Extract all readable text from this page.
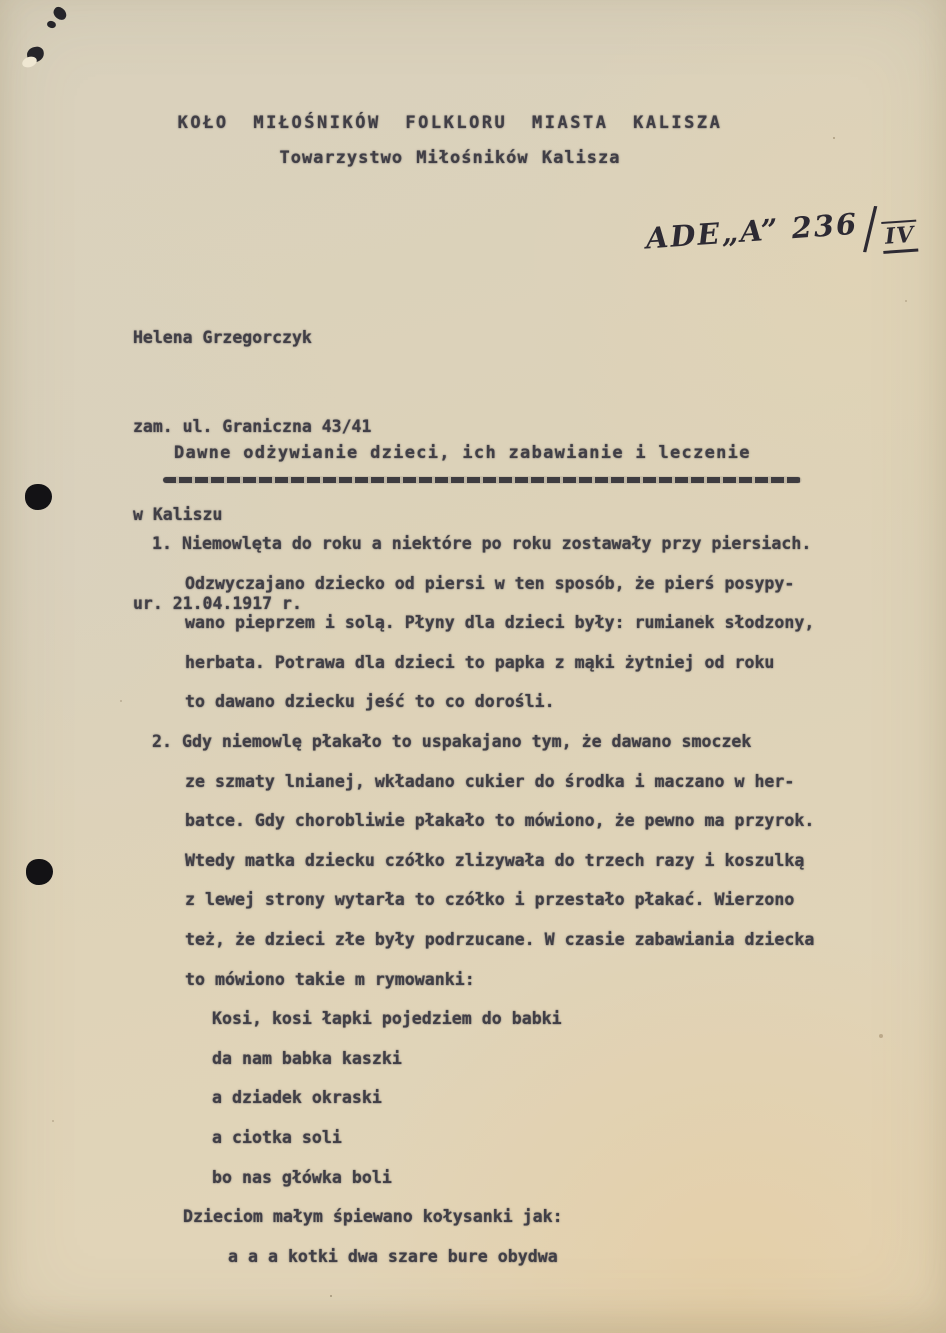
KOŁO MIŁOŚNIKÓW FOLKLORU MIASTA KALISZA
Towarzystwo Miłośników Kalisza
ADE„A” 236 / IV

Helena Grzegorczyk

zam. ul. Graniczna 43/41

w Kaliszu

ur. 21.04.1917 r.

Dawne odżywianie dzieci, ich zabawianie i leczenie
1. Niemowlęta do roku a niektóre po roku zostawały przy piersiach.
Odzwyczajano dziecko od piersi w ten sposób, że pierś posypy-
wano pieprzem i solą. Płyny dla dzieci były: rumianek słodzony,
herbata. Potrawa dla dzieci to papka z mąki żytniej od roku
to dawano dziecku jeść to co dorośli.
2. Gdy niemowlę płakało to uspakajano tym, że dawano smoczek
ze szmaty lnianej, wkładano cukier do środka i maczano w her-
batce. Gdy chorobliwie płakało to mówiono, że pewno ma przyrok.
Wtedy matka dziecku czółko zlizywała do trzech razy i koszulką
z lewej strony wytarła to czółko i przestało płakać. Wierzono
też, że dzieci złe były podrzucane. W czasie zabawiania dziecka
to mówiono takie m rymowanki:
Kosi, kosi łapki pojedziem do babki
da nam babka kaszki
a dziadek okraski
a ciotka soli
bo nas główka boli
Dzieciom małym śpiewano kołysanki jak:
a a a kotki dwa szare bure obydwa
